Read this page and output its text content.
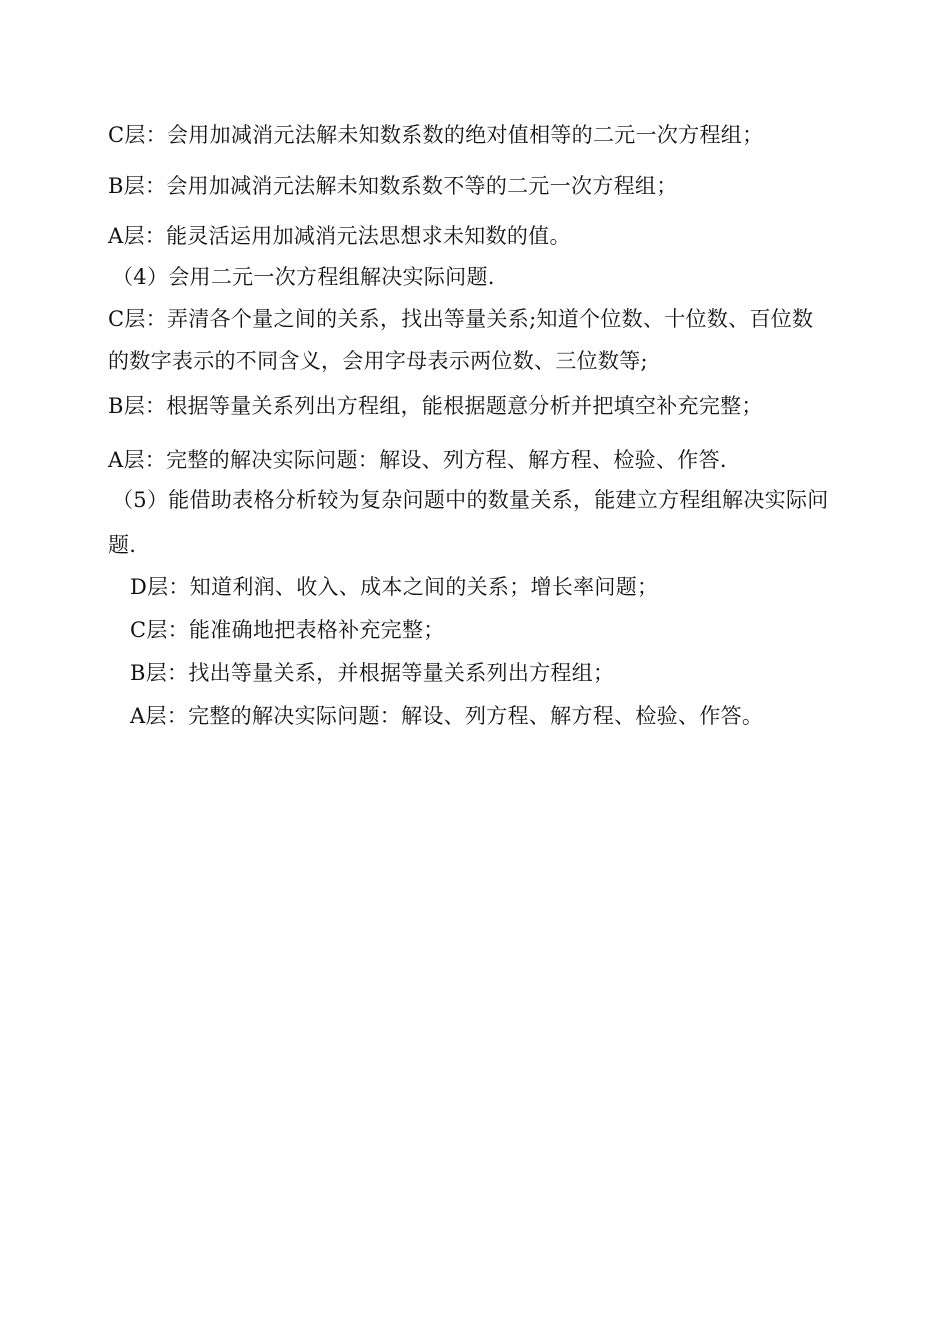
C层：会用加减消元法解未知数系数的绝对值相等的二元一次方程组；
B层：会用加减消元法解未知数系数不等的二元一次方程组；
A层：能灵活运用加减消元法思想求未知数的值。
（4）会用二元一次方程组解决实际问题.
C层：弄清各个量之间的关系，找出等量关系;知道个位数、十位数、百位数
的数字表示的不同含义，会用字母表示两位数、三位数等;
B层：根据等量关系列出方程组，能根据题意分析并把填空补充完整；
A层：完整的解决实际问题：解设、列方程、解方程、检验、作答.
（5）能借助表格分析较为复杂问题中的数量关系，能建立方程组解决实际问
题.
D层：知道利润、收入、成本之间的关系；增长率问题；
C层：能准确地把表格补充完整；
B层：找出等量关系，并根据等量关系列出方程组；
A层：完整的解决实际问题：解设、列方程、解方程、检验、作答。
